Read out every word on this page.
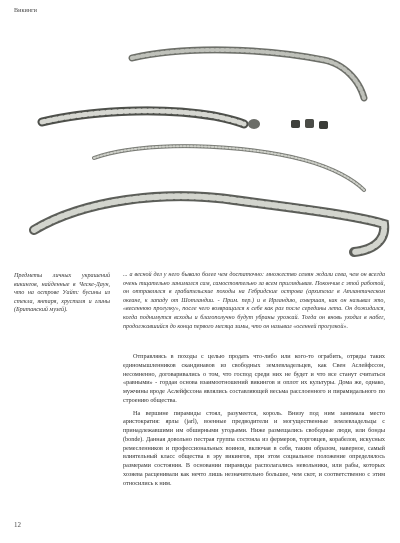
Викинги
Предметы личных украшений викингов, найденные в Ческе-Даун, что на острове Уайт: бусины из стекла, янтаря, хрусталя и глины (Британский музей).
... а весной дел у него бывало более чем достаточно: множество семян ждали сева, чем он всегда очень тщательно занимался сам, самостоятельно за всем приглядывая. Покончив с этой работой, он отправлялся в грабительские походы на Гебридские острова (архипелаг в Атлантическом океане, к западу от Шотландии. - Прим. пер.) и в Ирландию, совершая, как он называл это, «весеннюю прогулку», после чего возвращался к себе как раз после середины лета. Он дожидался, когда поднимутся всходы и благополучно будут убраны урожай. Тогда он вновь уходил в набег, продолжавшийся до конца первого месяца зимы, что он называл «осенней прогулкой».

Отправляясь в походы с целью продать что-либо или кого-то ограбить, отряды таких единомышленников скандинавов из свободных землевладельцев, как Свен Аслейфссон, несомненно, договаривались о том, что господ среди них не будет и что все станут считаться «равными» - гордая основа взаимоотношений викингов и оплот их культуры. Дома же, однако, мужчины вроде Аслейфссона являлись составляющей весьма расслоенного и пирамидального по строению общества.

На вершине пирамиды стоял, разумеется, король. Внизу под ним занимала место аристократия: ярлы (jarl), военные предводители и могущественные землевладельцы с принадлежавшими им обширными угодьями. Ниже размещались свободные люди, или бонды (bonde). Данная довольно пестрая группа состояла из фермеров, торговцев, корабелов, искусных ремесленников и профессиональных воинов, включая в себя, таким образом, наверное, самый влиятельный класс общества в эру викингов, при этом социальное положение определялось размерами состояния. В основании пирамиды располагались невольники, или рабы, которых хозяева расценивали как нечто лишь незначительно большее, чем скот, и соответственно с этим относились к ним.

12
